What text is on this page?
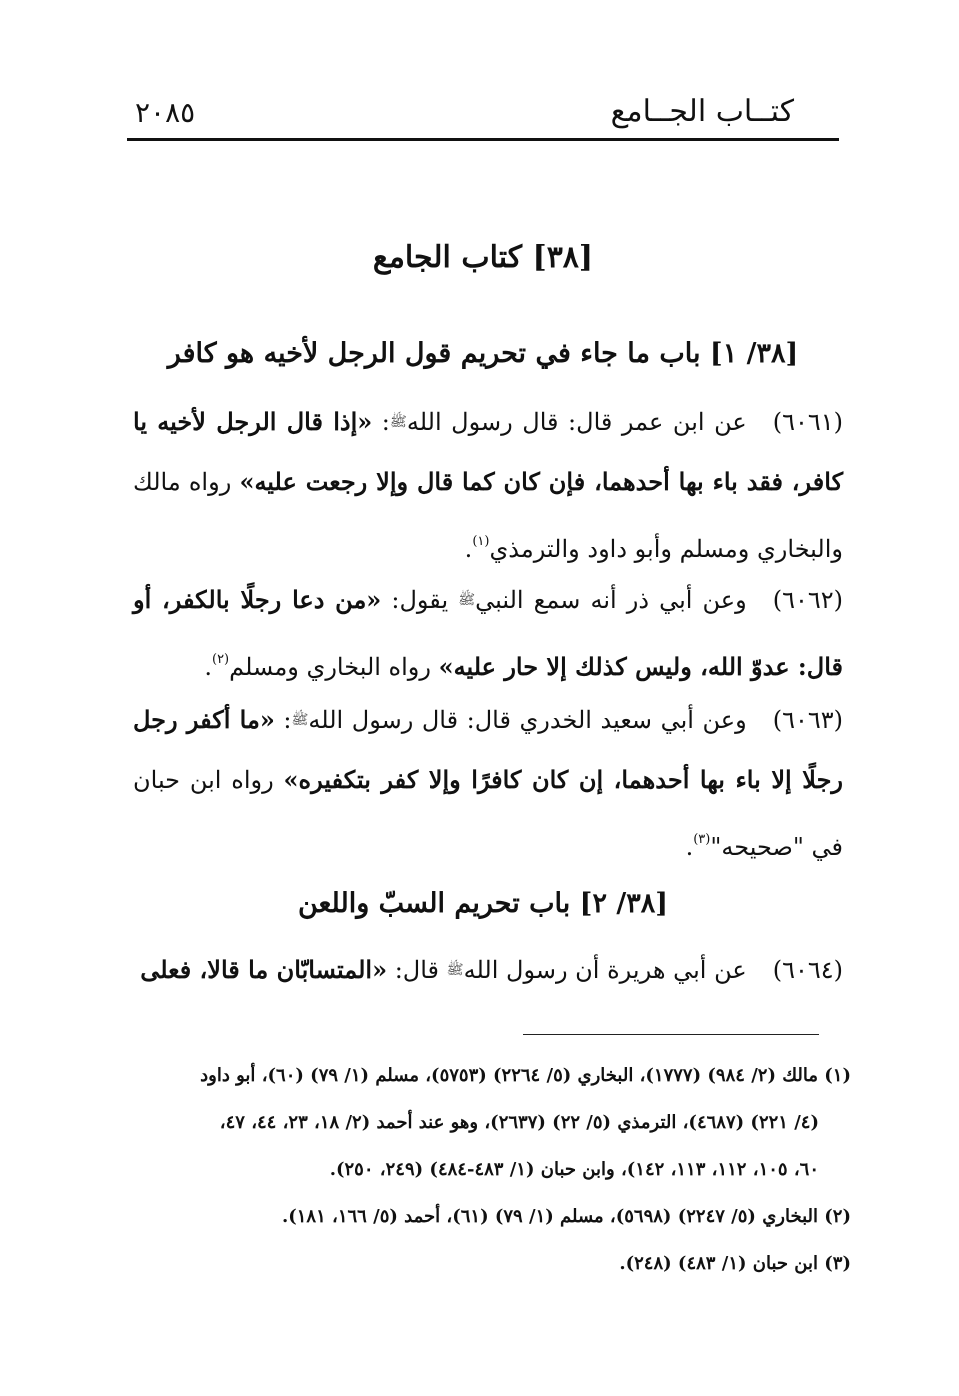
كتــاب الجــامع
٢٠٨٥
[٣٨] كتاب الجامع
[٣٨/ ١] باب ما جاء في تحريم قول الرجل لأخيه هو كافر
(٦٠٦١)عن ابن عمر قال: قال رسول اللهﷺ: «إذا قال الرجل لأخيه يا كافر، فقد باء بها أحدهما، فإن كان كما قال وإلا رجعت عليه» رواه مالك والبخاري ومسلم وأبو داود والترمذي$^{(١)}$.
(٦٠٦٢)وعن أبي ذر أنه سمع النبيﷺ يقول: «من دعا رجلًا بالكفر، أو قال: عدوّ الله، وليس كذلك إلا حار عليه» رواه البخاري ومسلم$^{(٢)}$.
(٦٠٦٣)وعن أبي سعيد الخدري قال: قال رسول اللهﷺ: «ما أكفر رجل رجلًا إلا باء بها أحدهما، إن كان كافرًا وإلا كفر بتكفيره» رواه ابن حبان في "صحيحه"$^{(٣)}$.
[٣٨/ ٢] باب تحريم السبّ واللعن
(٦٠٦٤)عن أبي هريرة أن رسول اللهﷺ قال: «المتسابّان ما قالا، فعلى
(١) مالك (٢/ ٩٨٤) (١٧٧٧)، البخاري (٥/ ٢٢٦٤) (٥٧٥٣)، مسلم (١/ ٧٩) (٦٠)، أبو داود
(٤/ ٢٢١) (٤٦٨٧)، الترمذي (٥/ ٢٢) (٢٦٣٧)، وهو عند أحمد (٢/ ١٨، ٢٣، ٤٤، ٤٧،
٦٠، ١٠٥، ١١٢، ١١٣، ١٤٢)، وابن حبان (١/ ٤٨٣-٤٨٤) (٢٤٩، ٢٥٠).
(٢) البخاري (٥/ ٢٢٤٧) (٥٦٩٨)، مسلم (١/ ٧٩) (٦١)، أحمد (٥/ ١٦٦، ١٨١).
(٣) ابن حبان (١/ ٤٨٣) (٢٤٨).
